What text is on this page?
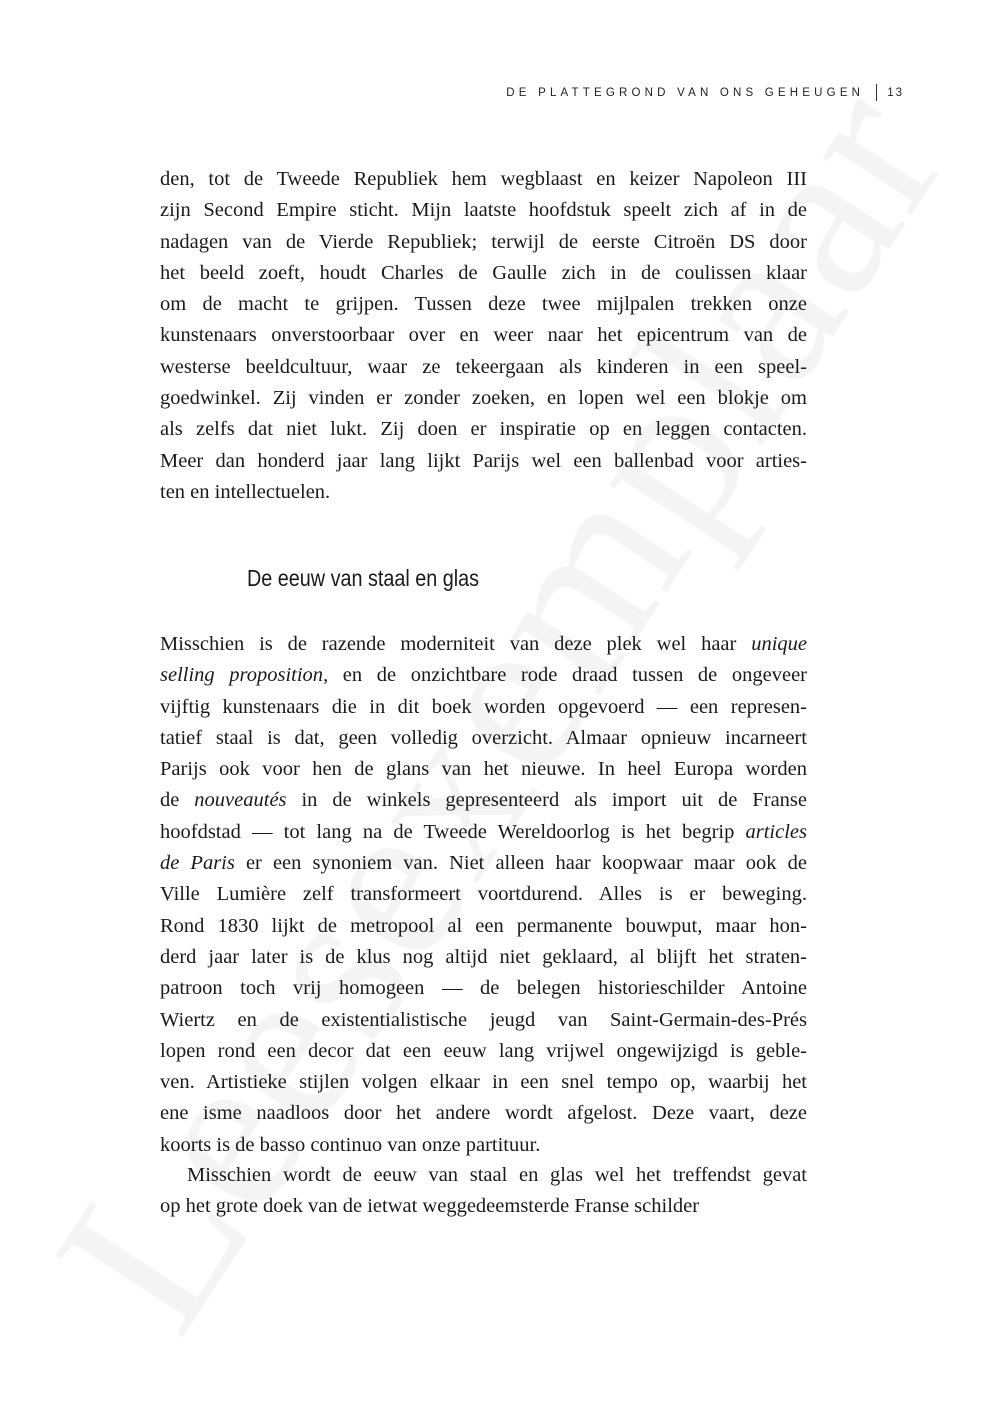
DE PLATTEGROND VAN ONS GEHEUGEN 13
den, tot de Tweede Republiek hem wegblaast en keizer Napoleon III
zijn Second Empire sticht. Mijn laatste hoofdstuk speelt zich af in de
nadagen van de Vierde Republiek; terwijl de eerste Citroën DS door
het beeld zoeft, houdt Charles de Gaulle zich in de coulissen klaar
om de macht te grijpen. Tussen deze twee mijlpalen trekken onze
kunstenaars onverstoorbaar over en weer naar het epicentrum van de
westerse beeldcultuur, waar ze tekeergaan als kinderen in een speel-
goedwinkel. Zij vinden er zonder zoeken, en lopen wel een blokje om
als zelfs dat niet lukt. Zij doen er inspiratie op en leggen contacten.
Meer dan honderd jaar lang lijkt Parijs wel een ballenbad voor arties-
ten en intellectuelen.
De eeuw van staal en glas
Misschien is de razende moderniteit van deze plek wel haar unique
selling proposition, en de onzichtbare rode draad tussen de ongeveer
vijftig kunstenaars die in dit boek worden opgevoerd — een represen-
tatief staal is dat, geen volledig overzicht. Almaar opnieuw incarneert
Parijs ook voor hen de glans van het nieuwe. In heel Europa worden
de nouveautés in de winkels gepresenteerd als import uit de Franse
hoofdstad — tot lang na de Tweede Wereldoorlog is het begrip articles
de Paris er een synoniem van. Niet alleen haar koopwaar maar ook de
Ville Lumière zelf transformeert voortdurend. Alles is er beweging.
Rond 1830 lijkt de metropool al een permanente bouwput, maar hon-
derd jaar later is de klus nog altijd niet geklaard, al blijft het straten-
patroon toch vrij homogeen — de belegen historieschilder Antoine
Wiertz en de existentialistische jeugd van Saint-Germain-des-Prés
lopen rond een decor dat een eeuw lang vrijwel ongewijzigd is geble-
ven. Artistieke stijlen volgen elkaar in een snel tempo op, waarbij het
ene isme naadloos door het andere wordt afgelost. Deze vaart, deze
koorts is de basso continuo van onze partituur.
Misschien wordt de eeuw van staal en glas wel het treffendst gevat
op het grote doek van de ietwat weggedeemsterde Franse schilder
